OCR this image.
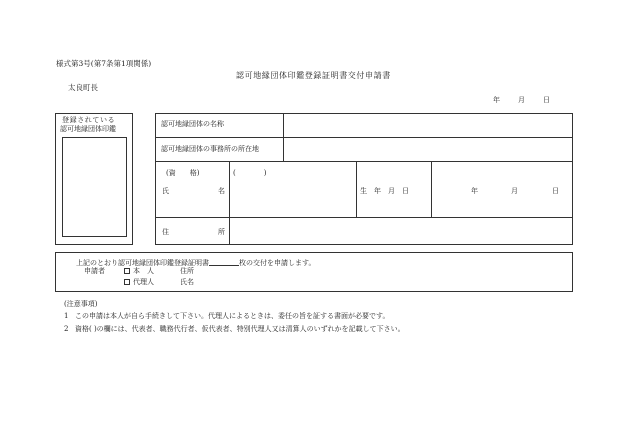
様式第3号(第7条第1項関係)
認可地縁団体印鑑登録証明書交付申請書
太良町長
年	月	日
登録されている
認可地縁団体印鑑
認可地縁団体の名称
認可地縁団体の事務所の所在地
(資　　格)	(　　　　)
氏	名	生　年　月　日	年	月	日
住	所
上記のとおり認可地縁団体印鑑登録証明書	枚の交付を申請します。
申請者	本　人	住所
代理人	氏名
(注意事項)
1 この申請は本人が自ら手続きして下さい。代理人によるときは、委任の旨を証する書面が必要です。
2 資格( )の欄には、代表者、職務代行者、仮代表者、特別代理人又は清算人のいずれかを記載して下さい。
